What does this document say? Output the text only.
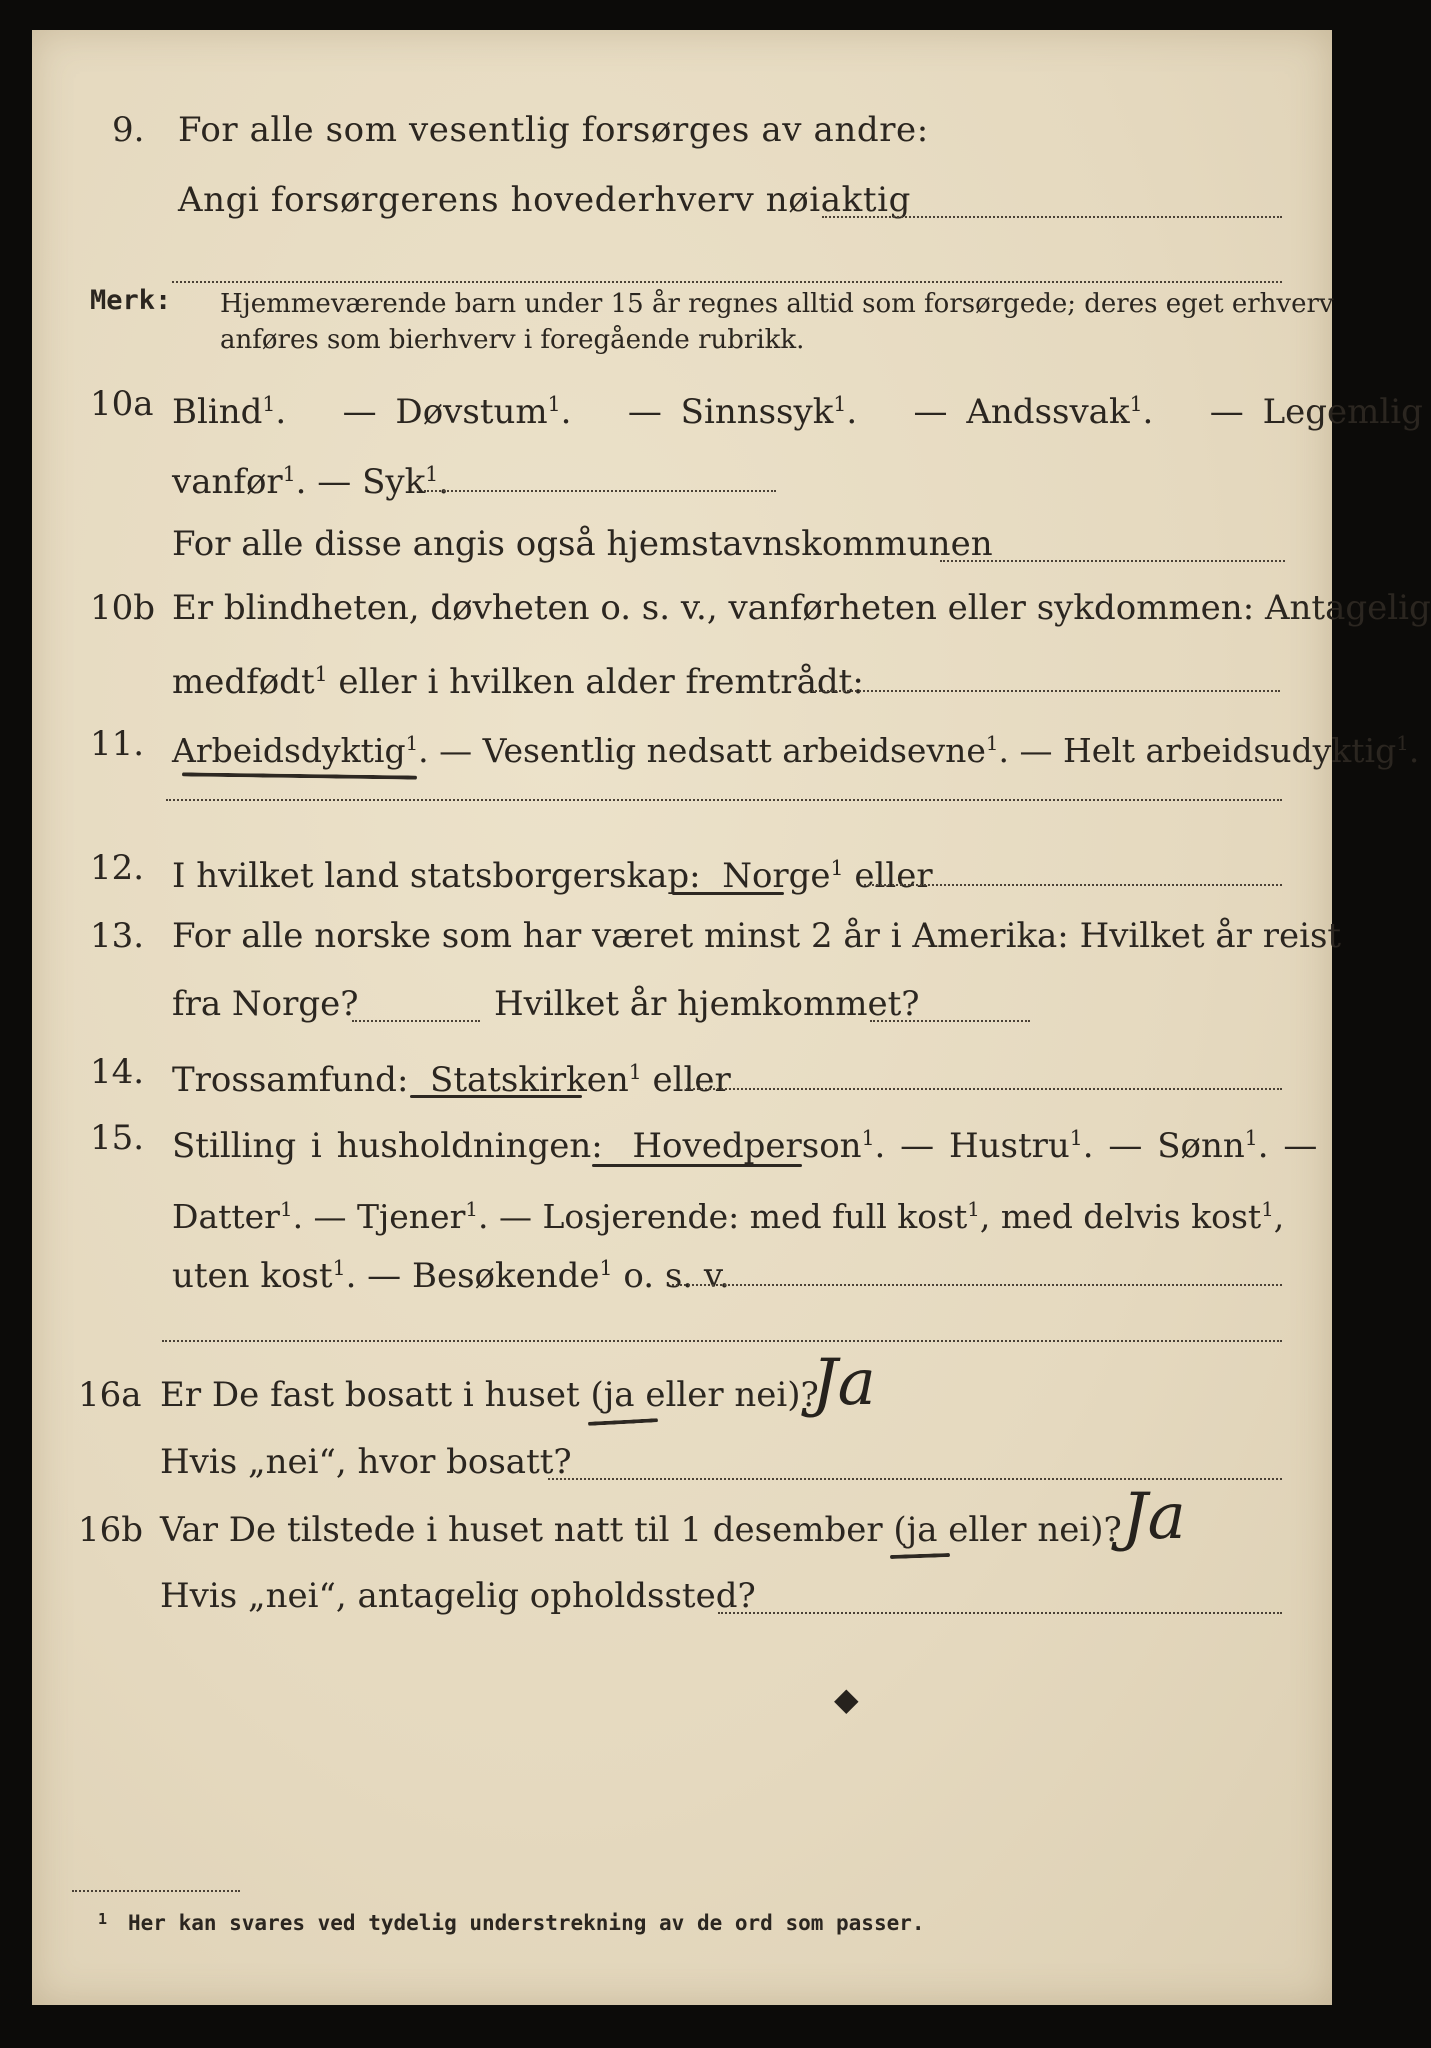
9. For alle som vesentlig forsørges av andre:
Angi forsørgerens hovederhverv nøiaktig
Merk: Hjemmeværende barn under 15 år regnes alltid som forsørgede; deres eget erhverv
anføres som bierhverv i foregående rubrikk.
10a Blind$^1$.   — Døvstum$^1$.   — Sinnssyk$^1$.   — Andssvak$^1$.   — Legemlig
vanfør$^1$. — Syk$^1$.
For alle disse angis også hjemstavnskommunen
10b Er blindheten, døvheten o. s. v., vanførheten eller sykdommen: Antagelig
medfødt$^1$ eller i hvilken alder fremtrådt:
11. Arbeidsdyktig$^1$. — Vesentlig nedsatt arbeidsevne$^1$. — Helt arbeidsudyktig$^1$.
12. I hvilket land statsborgerskap: Norge$^1$ eller
13. For alle norske som har været minst 2 år i Amerika: Hvilket år reist
fra Norge?	Hvilket år hjemkommet?
14. Trossamfund: Statskirken$^1$ eller
15. Stilling i husholdningen: Hovedperson$^1$. — Hustru$^1$. — Sønn$^1$. —
Datter$^1$. — Tjener$^1$. — Losjerende: med full kost$^1$, med delvis kost$^1$,
uten kost$^1$. — Besøkende$^1$ o. s. v.
16a Er De fast bosatt i huset (ja eller nei)?
Ja
Hvis „nei“, hvor bosatt?
16b Var De tilstede i huset natt til 1 desember (ja eller nei)? Ja
Hvis „nei“, antagelig opholdssted?
◆
1 Her kan svares ved tydelig understrekning av de ord som passer.
